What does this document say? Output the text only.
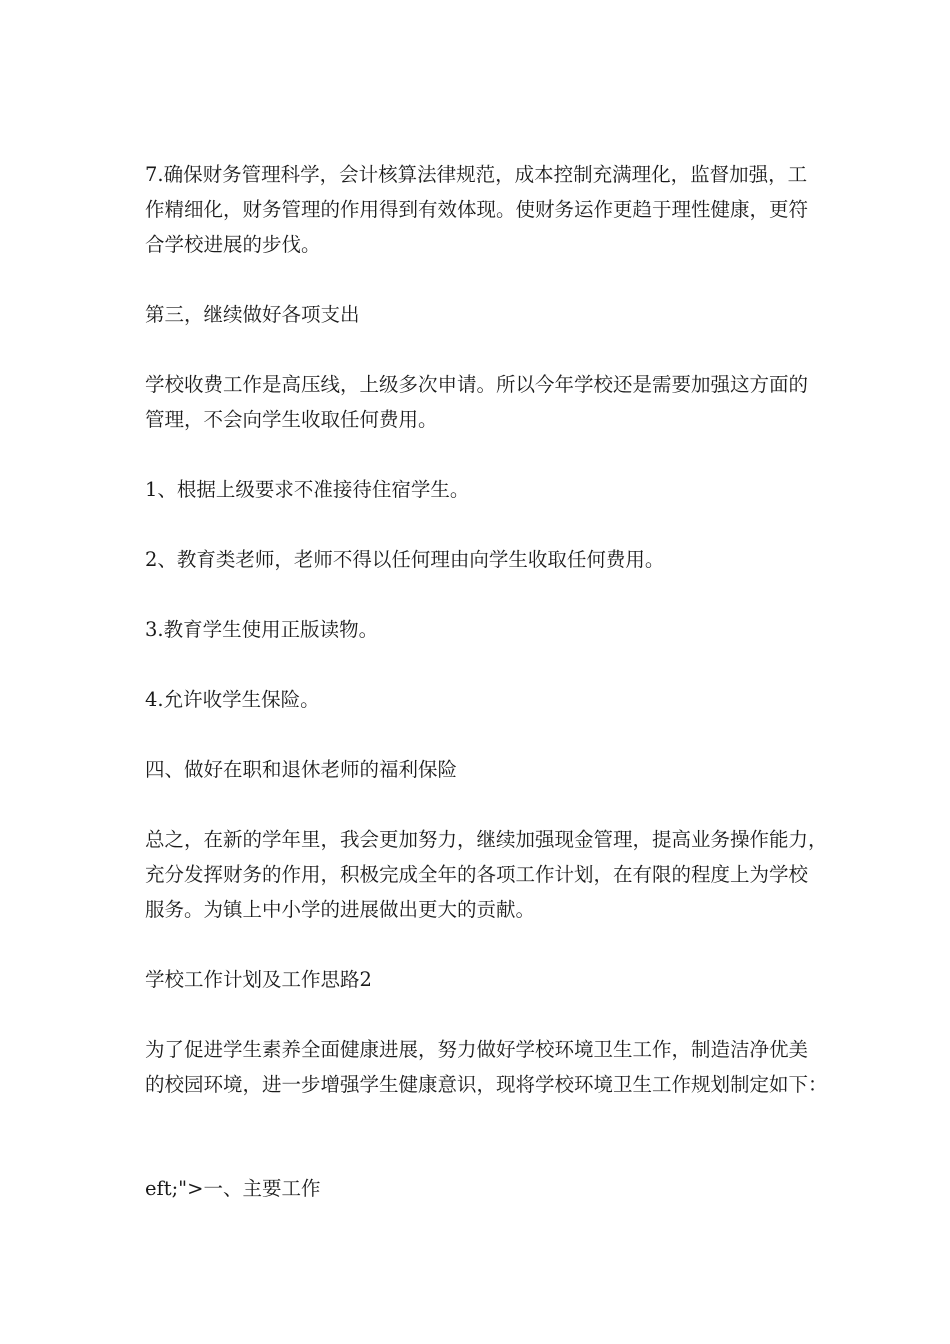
7.确保财务管理科学，会计核算法律规范，成本控制充满理化，监督加强，工
作精细化，财务管理的作用得到有效体现。使财务运作更趋于理性健康，更符
合学校进展的步伐。

第三，继续做好各项支出

学校收费工作是高压线，上级多次申请。所以今年学校还是需要加强这方面的
管理，不会向学生收取任何费用。

1、根据上级要求不准接待住宿学生。

2、教育类老师，老师不得以任何理由向学生收取任何费用。

3.教育学生使用正版读物。

4.允许收学生保险。

四、做好在职和退休老师的福利保险

总之，在新的学年里，我会更加努力，继续加强现金管理，提高业务操作能力，
充分发挥财务的作用，积极完成全年的各项工作计划，在有限的程度上为学校
服务。为镇上中小学的进展做出更大的贡献。

学校工作计划及工作思路2

为了促进学生素养全面健康进展，努力做好学校环境卫生工作，制造洁净优美
的校园环境，进一步增强学生健康意识，现将学校环境卫生工作规划制定如下：

eft;">一、主要工作
